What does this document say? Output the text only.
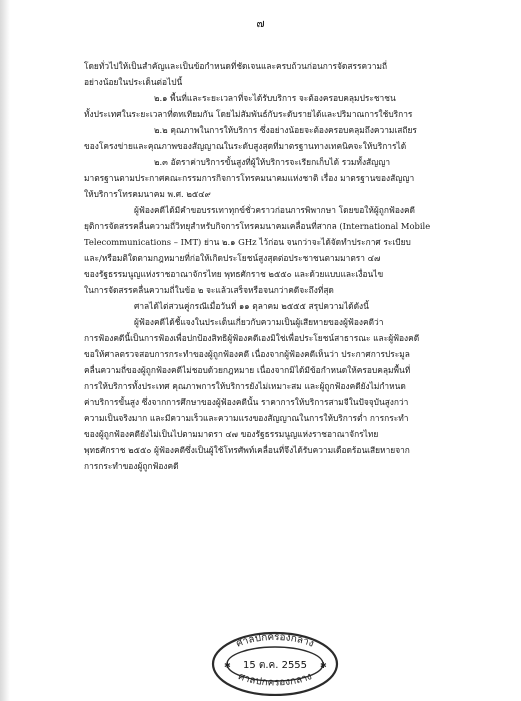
๗
โดยทั่วไปให้เป็นสำคัญและเป็นข้อกำหนดที่ชัดเจนและครบถ้วนก่อนการจัดสรรความถี่
อย่างน้อยในประเด็นต่อไปนี้
๒.๑ พื้นที่และระยะเวลาที่จะได้รับบริการ จะต้องครอบคลุมประชาชน
ทั้งประเทศในระยะเวลาที่ดทเทียมกัน โดยไม่สัมพันธ์กับระดับรายได้และปริมาณการใช้บริการ
๒.๒ คุณภาพในการให้บริการ ซึ่งอย่างน้อยจะต้องครอบคลุมถึงความเสถียร
ของโครงข่ายและคุณภาพของสัญญาณในระดับสูงสุดที่มาตรฐานทางเทคนิคจะให้บริการได้
๒.๓ อัตราค่าบริการขั้นสูงที่ผู้ให้บริการจะเรียกเก็บได้ รวมทั้งสัญญา
มาตรฐานตามประกาศคณะกรรมการกิจการโทรคมนาคมแห่งชาติ เรื่อง มาตรฐานของสัญญา
ให้บริการโทรคมนาคม พ.ศ. ๒๕๔๙
ผู้ฟ้องคดีได้มีคำขอบรรเทาทุกข์ชั่วคราวก่อนการพิพากษา โดยขอให้ผู้ถูกฟ้องคดี
ยุติการจัดสรรคลื่นความถี่วิทยุสำหรับกิจการโทรคมนาคมเคลื่อนที่สากล (International Mobile
Telecommunications – IMT) ย่าน ๒.๑ GHz ไว้ก่อน จนกว่าจะได้จัดทำประกาศ ระเบียบ
และ/หรือมติใดตามกฎหมายที่ก่อให้เกิดประโยชน์สูงสุดต่อประชาชนตามมาตรา ๔๗
ของรัฐธรรมนูญแห่งราชอาณาจักรไทย พุทธศักราช ๒๕๕๐ และด้วยแบบและเงื่อนไข
ในการจัดสรรคลื่นความถี่ในข้อ ๒ จะแล้วเสร็จหรือจนกว่าคดีจะถึงที่สุด
ศาลได้ไต่สวนคู่กรณีเมื่อวันที่ ๑๑ ตุลาคม ๒๕๕๕ สรุปความได้ดังนี้
ผู้ฟ้องคดีได้ชี้แจงในประเด็นเกี่ยวกับความเป็นผู้เสียหายของผู้ฟ้องคดีว่า
การฟ้องคดีนี้เป็นการฟ้องเพื่อปกป้องสิทธิผู้ฟ้องคดีเองมิใช่เพื่อประโยชน์สาธารณะ และผู้ฟ้องคดี
ขอให้ศาลตรวจสอบการกระทำของผู้ถูกฟ้องคดี เนื่องจากผู้ฟ้องคดีเห็นว่า ประกาศการประมูล
คลื่นความถี่ของผู้ถูกฟ้องคดีไม่ชอบด้วยกฎหมาย เนื่องจากมิได้มีข้อกำหนดให้ครอบคลุมพื้นที่
การให้บริการทั้งประเทศ คุณภาพการให้บริการยังไม่เหมาะสม และผู้ถูกฟ้องคดียังไม่กำหนด
ค่าบริการขั้นสูง ซึ่งจากการศึกษาของผู้ฟ้องคดีนั้น ราคาการให้บริการสามจีในปัจจุบันสูงกว่า
ความเป็นจริงมาก และมีความเร็วและความแรงของสัญญาณในการให้บริการต่ำ การกระทำ
ของผู้ถูกฟ้องคดียังไม่เป็นไปตามมาตรา ๔๗ ของรัฐธรรมนูญแห่งราชอาณาจักรไทย
พุทธศักราช ๒๕๕๐ ผู้ฟ้องคดีซึ่งเป็นผู้ใช้โทรศัพท์เคลื่อนที่จึงได้รับความเดือดร้อนเสียหายจาก
การกระทำของผู้ถูกฟ้องคดี
ศาลปกครองกลาง
ศาลปกครองกลาง
15 ต.ค. 2555
✱	✱
